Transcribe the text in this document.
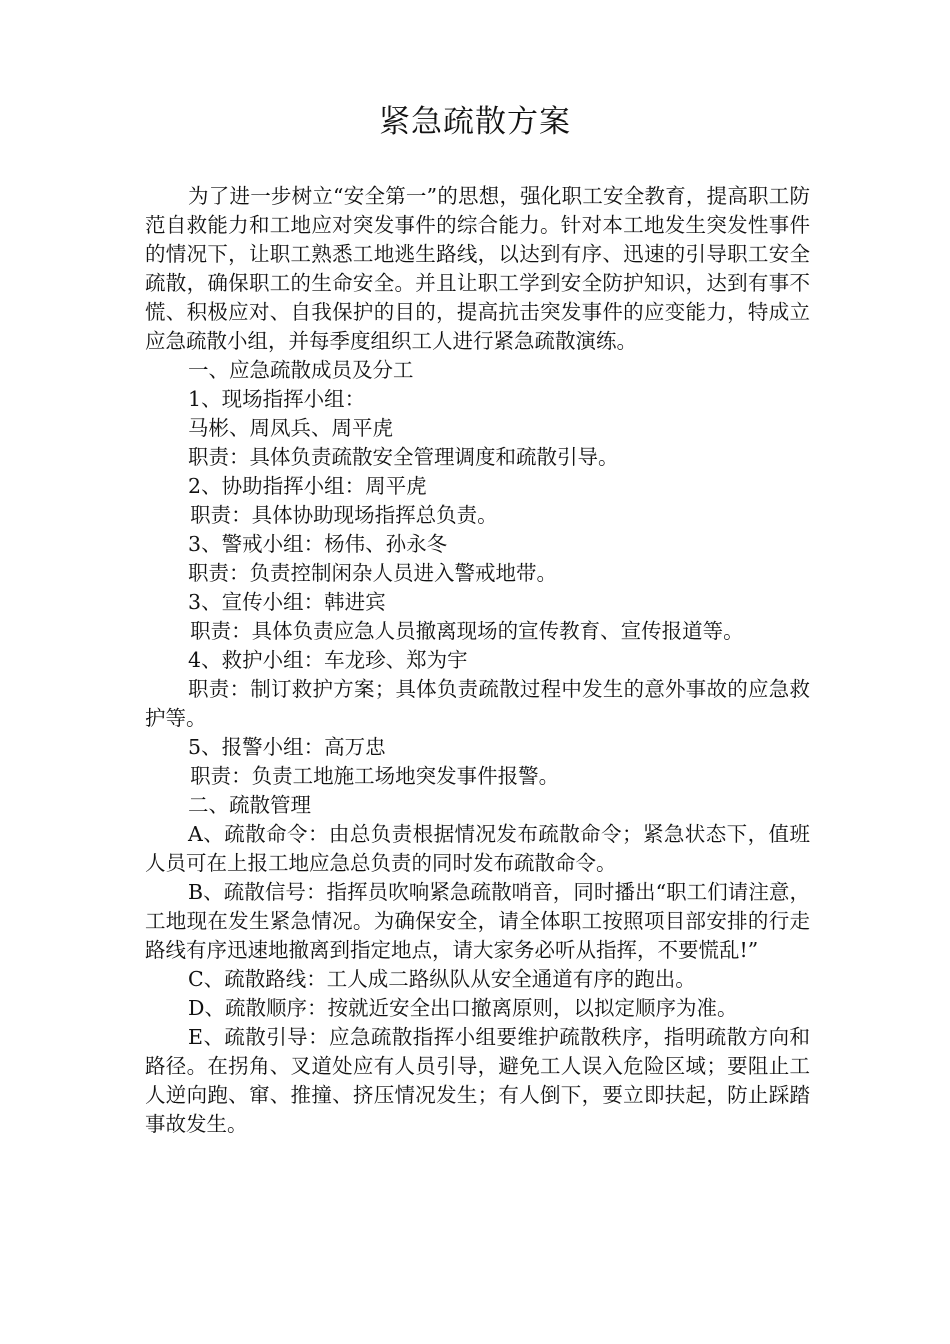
紧急疏散方案

为了进一步树立“安全第一”的思想，强化职工安全教育，提高职工防范自救能力和工地应对突发事件的综合能力。针对本工地发生突发性事件的情况下，让职工熟悉工地逃生路线，以达到有序、迅速的引导职工安全疏散，确保职工的生命安全。并且让职工学到安全防护知识，达到有事不慌、积极应对、自我保护的目的，提高抗击突发事件的应变能力，特成立应急疏散小组，并每季度组织工人进行紧急疏散演练。

一、应急疏散成员及分工

1、现场指挥小组：

马彬、周凤兵、周平虎

职责：具体负责疏散安全管理调度和疏散引导。

2、协助指挥小组：周平虎

职责：具体协助现场指挥总负责。

3、警戒小组：杨伟、孙永冬

职责：负责控制闲杂人员进入警戒地带。

3、宣传小组：韩进宾

职责：具体负责应急人员撤离现场的宣传教育、宣传报道等。

4、救护小组：车龙珍、郑为宇

职责：制订救护方案；具体负责疏散过程中发生的意外事故的应急救护等。

5、报警小组：高万忠

职责：负责工地施工场地突发事件报警。

二、疏散管理

A、疏散命令：由总负责根据情况发布疏散命令；紧急状态下，值班人员可在上报工地应急总负责的同时发布疏散命令。

B、疏散信号：指挥员吹响紧急疏散哨音，同时播出“职工们请注意，工地现在发生紧急情况。为确保安全，请全体职工按照项目部安排的行走路线有序迅速地撤离到指定地点，请大家务必听从指挥，不要慌乱!”

C、疏散路线：工人成二路纵队从安全通道有序的跑出。

D、疏散顺序：按就近安全出口撤离原则，以拟定顺序为准。

E、疏散引导：应急疏散指挥小组要维护疏散秩序，指明疏散方向和路径。在拐角、叉道处应有人员引导，避免工人误入危险区域；要阻止工人逆向跑、窜、推撞、挤压情况发生；有人倒下，要立即扶起，防止踩踏事故发生。
